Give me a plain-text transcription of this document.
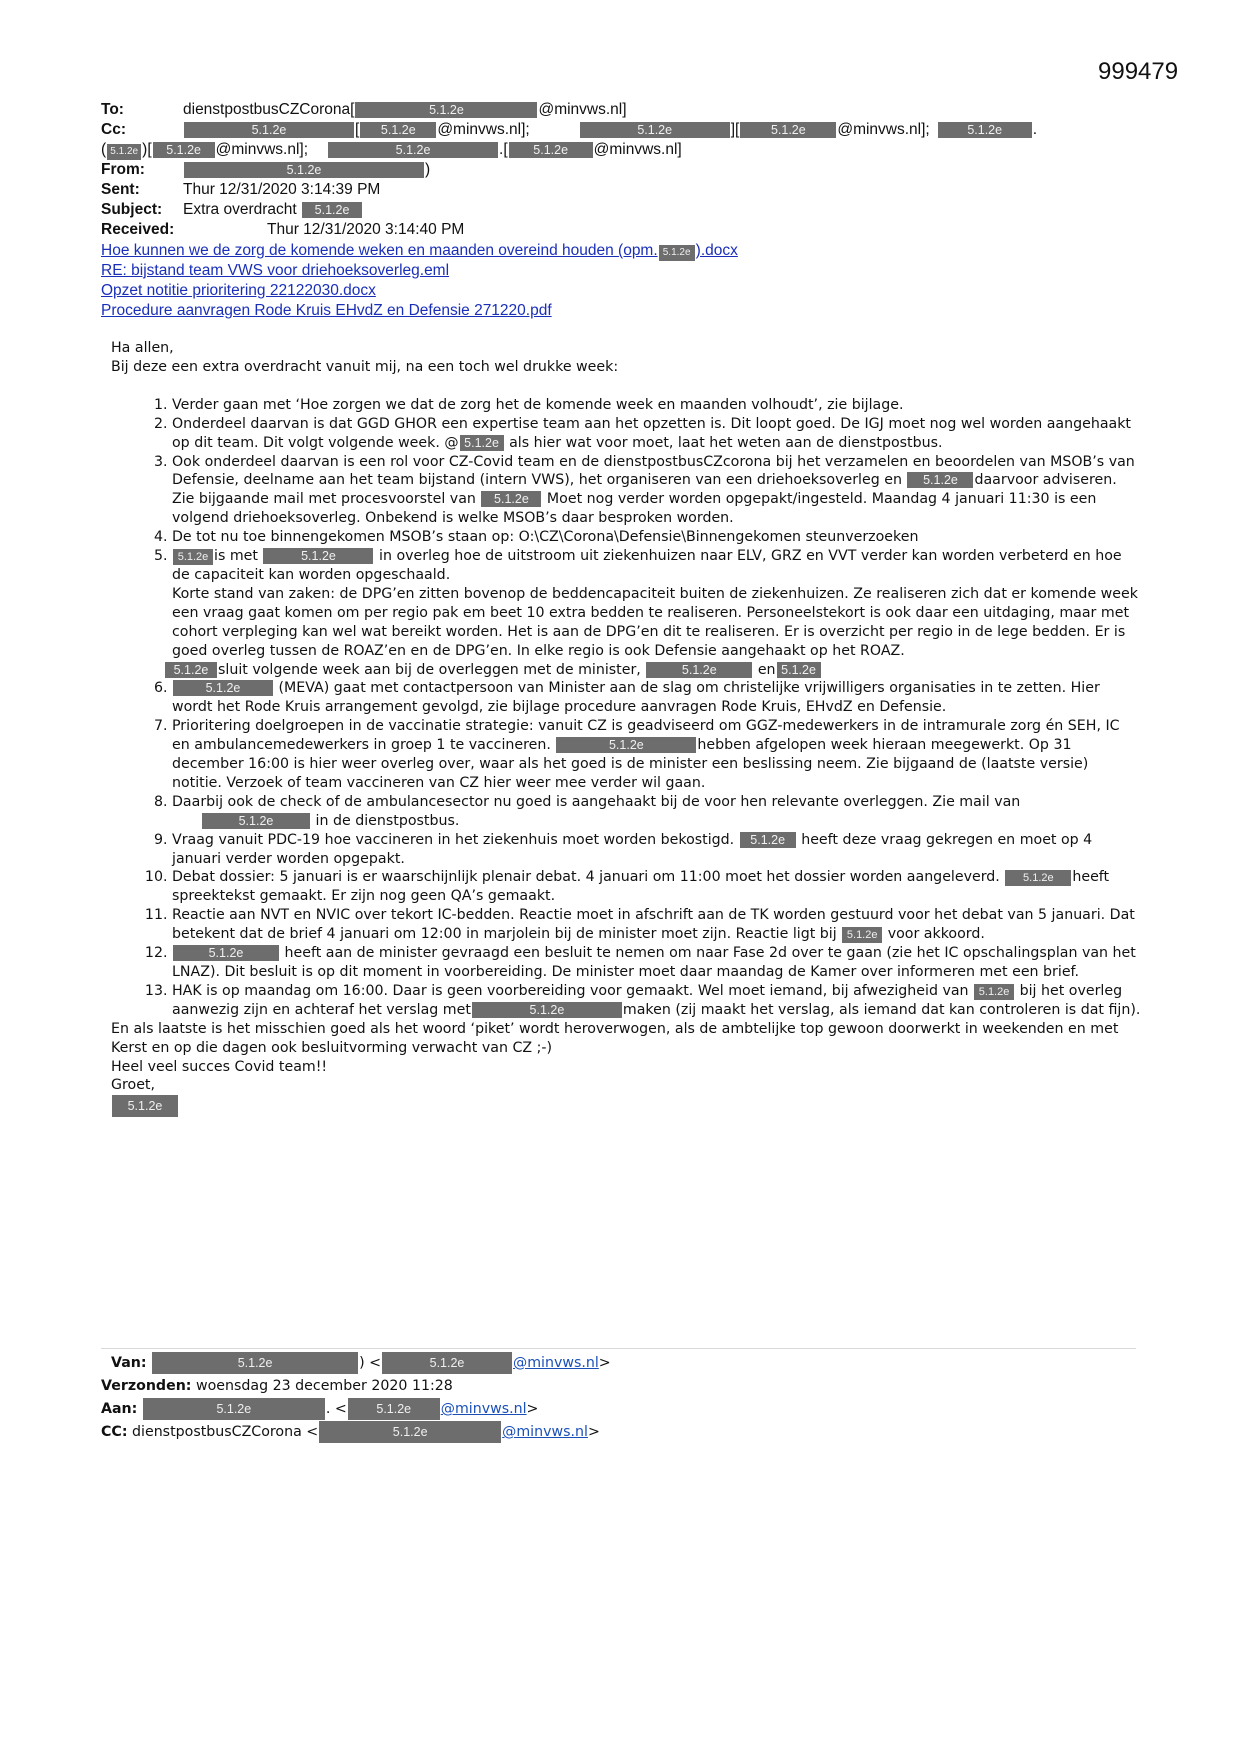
999479
To:	dienstpostbusCZCorona[	5.1.2e	@minvws.nl]
Cc:	5.1.2e	[ 5.1.2e @minvws.nl];	5.1.2e	][	5.1.2e @minvws.nl];	5.1.2e .
( 5.1.2e )[ 5.1.2e @minvws.nl];	5.1.2e	.[ 5.1.2e @minvws.nl]
From:	5.1.2e	)
Sent:	Thur 12/31/2020 3:14:39 PM
Subject: Extra overdracht 5.1.2e
Received:	Thur 12/31/2020 3:14:40 PM
Hoe kunnen we de zorg de komende weken en maanden overeind houden (opm. 5.1.2e ).docx
RE: bijstand team VWS voor driehoeksoverleg.eml
Opzet notitie prioritering 22122030.docx
Procedure aanvragen Rode Kruis EHvdZ en Defensie 271220.pdf

Ha allen,

Bij deze een extra overdracht vanuit mij, na een toch wel drukke week:

1. Verder gaan met ‘Hoe zorgen we dat de zorg het de komende week en maanden volhoudt’, zie bijlage.
2. Onderdeel daarvan is dat GGD GHOR een expertise team aan het opzetten is. Dit loopt goed. De IGJ moet nog wel worden aangehaakt op dit team. Dit volgt volgende week. @ 5.1.2e als hier wat voor moet, laat het weten aan de dienstpostbus.
3. Ook onderdeel daarvan is een rol voor CZ-Covid team en de dienstpostbusCZcorona bij het verzamelen en beoordelen van MSOB’s van Defensie, deelname aan het team bijstand (intern VWS), het organiseren van een driehoeksoverleg en 5.1.2e daarvoor adviseren. Zie bijgaande mail met procesvoorstel van 5.1.2e Moet nog verder worden opgepakt/ingesteld. Maandag 4 januari 11:30 is een volgend driehoeksoverleg. Onbekend is welke MSOB’s daar besproken worden.
4. De tot nu toe binnengekomen MSOB’s staan op: O:\CZ\Corona\Defensie\Binnengekomen steunverzoeken
5. 5.1.2e is met	5.1.2e	in overleg hoe de uitstroom uit ziekenhuizen naar ELV, GRZ en VVT verder kan worden verbeterd en hoe de capaciteit kan worden opgeschaald.

Korte stand van zaken: de DPG’en zitten bovenop de beddencapaciteit buiten de ziekenhuizen. Ze realiseren zich dat er komende week een vraag gaat komen om per regio pak em beet 10 extra bedden te realiseren. Personeelstekort is ook daar een uitdaging, maar met cohort verpleging kan wel wat bereikt worden. Het is aan de DPG’en dit te realiseren. Er is overzicht per regio in de lege bedden. Er is goed overleg tussen de ROAZ’en en de DPG’en. In elke regio is ook Defensie aangehaakt op het ROAZ.

5.1.2e sluit volgende week aan bij de overleggen met de minister,	5.1.2e	en 5.1.2e

6. 5.1.2e	(MEVA) gaat met contactpersoon van Minister aan de slag om christelijke vrijwilligers organisaties in te zetten. Hier wordt het Rode Kruis arrangement gevolgd, zie bijlage procedure aanvragen Rode Kruis, EHvdZ en Defensie.
7. Prioritering doelgroepen in de vaccinatie strategie: vanuit CZ is geadviseerd om GGZ-medewerkers in de intramurale zorg én SEH, IC en ambulancemedewerkers in groep 1 te vaccineren.	5.1.2e	hebben afgelopen week hieraan meegewerkt. Op 31 december 16:00 is hier weer overleg over, waar als het goed is de minister een beslissing neem. Zie bijgaand de (laatste versie) notitie. Verzoek of team vaccineren van CZ hier weer mee verder wil gaan.
8. Daarbij ook de check of de ambulancesector nu goed is aangehaakt bij de voor hen relevante overleggen. Zie mail van 5.1.2e	in de dienstpostbus.
9. Vraag vanuit PDC-19 hoe vaccineren in het ziekenhuis moet worden bekostigd. 5.1.2e heeft deze vraag gekregen en moet op 4 januari verder worden opgepakt.
10. Debat dossier: 5 januari is er waarschijnlijk plenair debat. 4 januari om 11:00 moet het dossier worden aangeleverd. 5.1.2e heeft spreektekst gemaakt. Er zijn nog geen QA’s gemaakt.
11. Reactie aan NVT en NVIC over tekort IC-bedden. Reactie moet in afschrift aan de TK worden gestuurd voor het debat van 5 januari. Dat betekent dat de brief 4 januari om 12:00 in marjolein bij de minister moet zijn. Reactie ligt bij 5.1.2e voor akkoord.
12. 5.1.2e	heeft aan de minister gevraagd een besluit te nemen om naar Fase 2d over te gaan (zie het IC opschalingsplan van het LNAZ). Dit besluit is op dit moment in voorbereiding. De minister moet daar maandag de Kamer over informeren met een brief.
13. HAK is op maandag om 16:00. Daar is geen voorbereiding voor gemaakt. Wel moet iemand, bij afwezigheid van 5.1.2e bij het overleg aanwezig zijn en achteraf het verslag met	5.1.2e	maken (zij maakt het verslag, als iemand dat kan controleren is dat fijn).

En als laatste is het misschien goed als het woord ‘piket’ wordt heroverwogen, als de ambtelijke top gewoon doorwerkt in weekenden en met Kerst en op die dagen ook besluitvorming verwacht van CZ ;-)

Heel veel succes Covid team!!

Groet,

5.1.2e

Van:	5.1.2e	) <	5.1.2e	@minvws.nl>
Verzonden: woensdag 23 december 2020 11:28
Aan:	5.1.2e	. < 5.1.2e @minvws.nl>
CC: dienstpostbusCZCorona <	5.1.2e	@minvws.nl>
